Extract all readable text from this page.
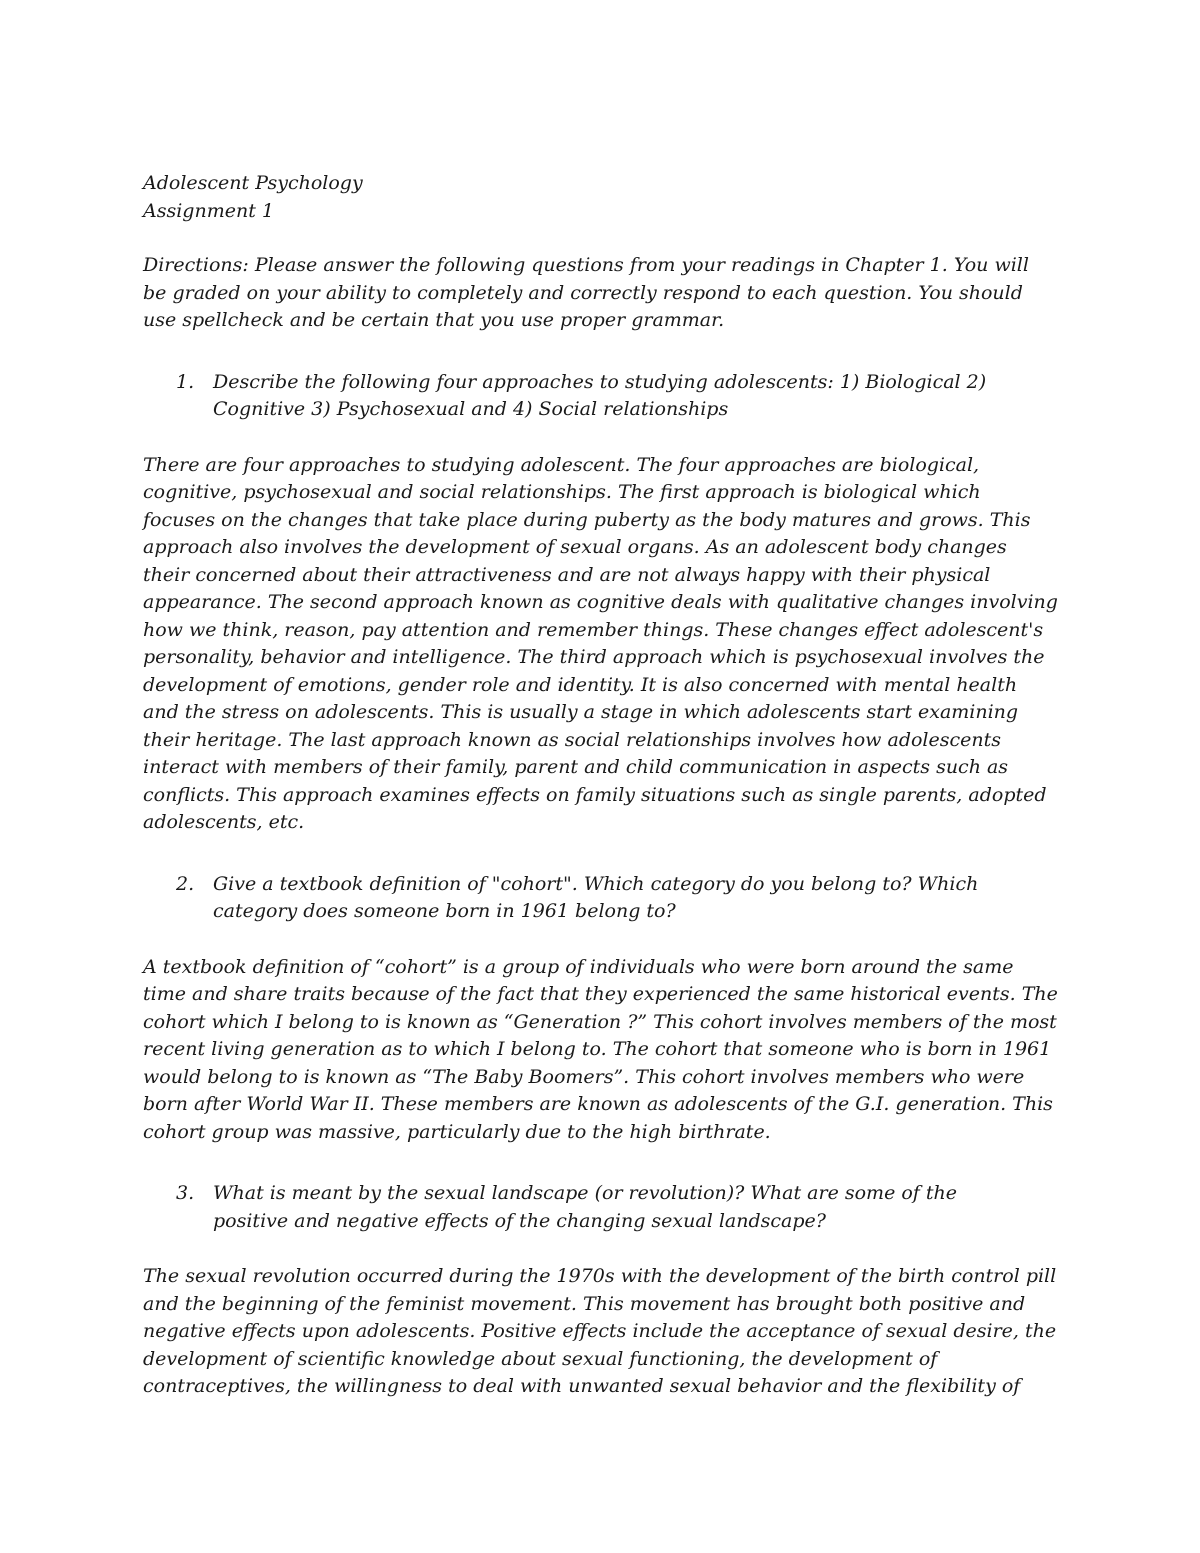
Adolescent Psychology
Assignment 1

Directions: Please answer the following questions from your readings in Chapter 1. You will be graded on your ability to completely and correctly respond to each question. You should use spellcheck and be certain that you use proper grammar.

1. Describe the following four approaches to studying adolescents: 1) Biological 2) Cognitive 3) Psychosexual and 4) Social relationships

There are four approaches to studying adolescent. The four approaches are biological, cognitive, psychosexual and social relationships. The first approach is biological which focuses on the changes that take place during puberty as the body matures and grows. This approach also involves the development of sexual organs. As an adolescent body changes their concerned about their attractiveness and are not always happy with their physical appearance. The second approach known as cognitive deals with qualitative changes involving how we think, reason, pay attention and remember things. These changes effect adolescent's personality, behavior and intelligence. The third approach which is psychosexual involves the development of emotions, gender role and identity. It is also concerned with mental health and the stress on adolescents. This is usually a stage in which adolescents start examining their heritage. The last approach known as social relationships involves how adolescents interact with members of their family, parent and child communication in aspects such as conflicts. This approach examines effects on family situations such as single parents, adopted adolescents, etc.

2. Give a textbook definition of "cohort". Which category do you belong to? Which category does someone born in 1961 belong to?

A textbook definition of “cohort” is a group of individuals who were born around the same time and share traits because of the fact that they experienced the same historical events. The cohort which I belong to is known as “Generation ?” This cohort involves members of the most recent living generation as to which I belong to. The cohort that someone who is born in 1961 would belong to is known as “The Baby Boomers”. This cohort involves members who were born after World War II. These members are known as adolescents of the G.I. generation. This cohort group was massive, particularly due to the high birthrate.

3. What is meant by the sexual landscape (or revolution)? What are some of the positive and negative effects of the changing sexual landscape?

The sexual revolution occurred during the 1970s with the development of the birth control pill and the beginning of the feminist movement. This movement has brought both positive and negative effects upon adolescents. Positive effects include the acceptance of sexual desire, the development of scientific knowledge about sexual functioning, the development of contraceptives, the willingness to deal with unwanted sexual behavior and the flexibility of
